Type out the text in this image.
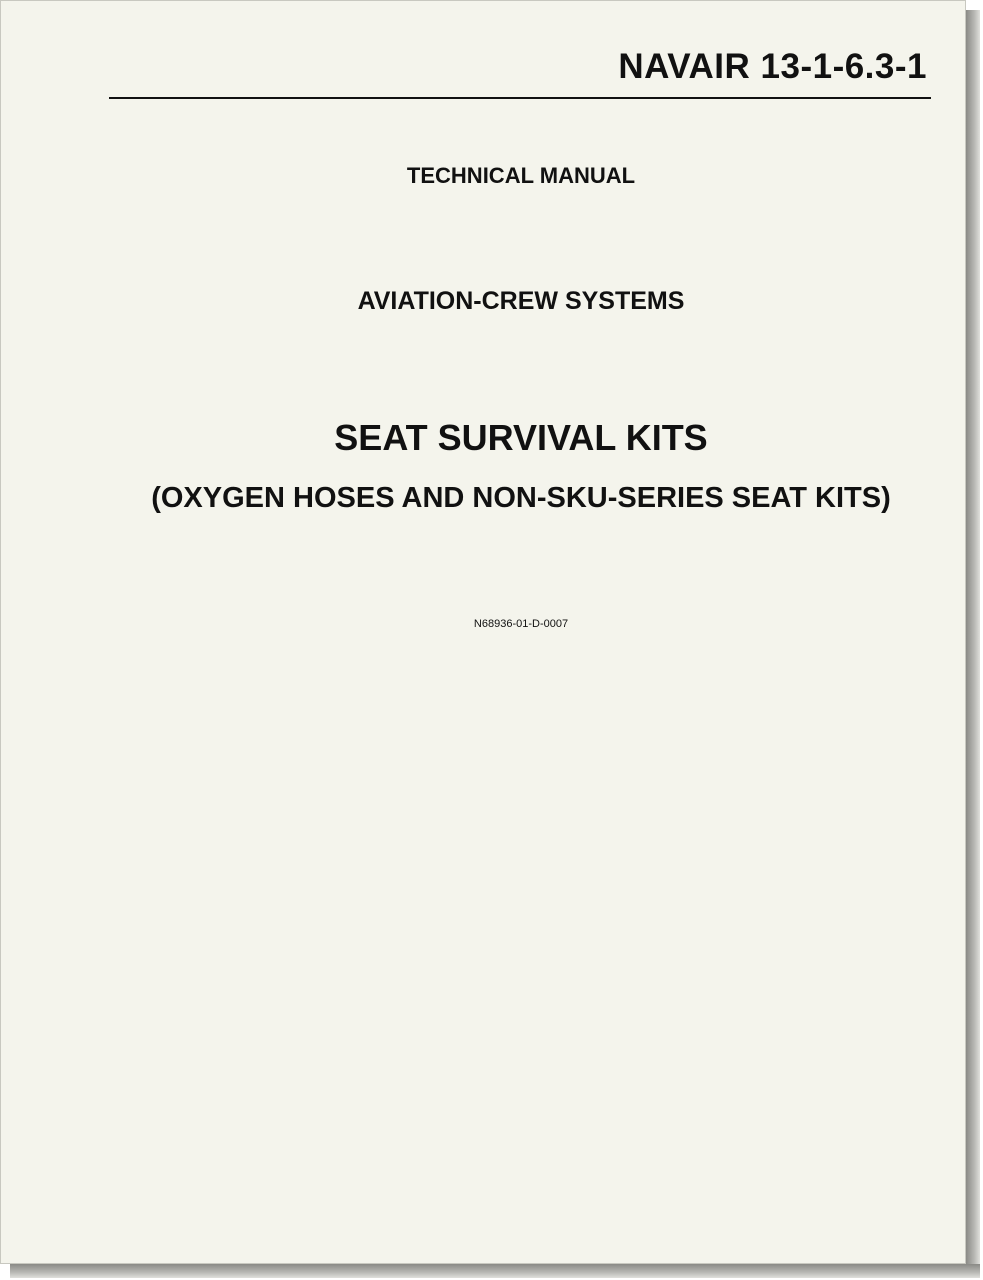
NAVAIR 13-1-6.3-1
TECHNICAL MANUAL
AVIATION-CREW SYSTEMS
SEAT SURVIVAL KITS
(OXYGEN HOSES AND NON-SKU-SERIES SEAT KITS)
N68936-01-D-0007
